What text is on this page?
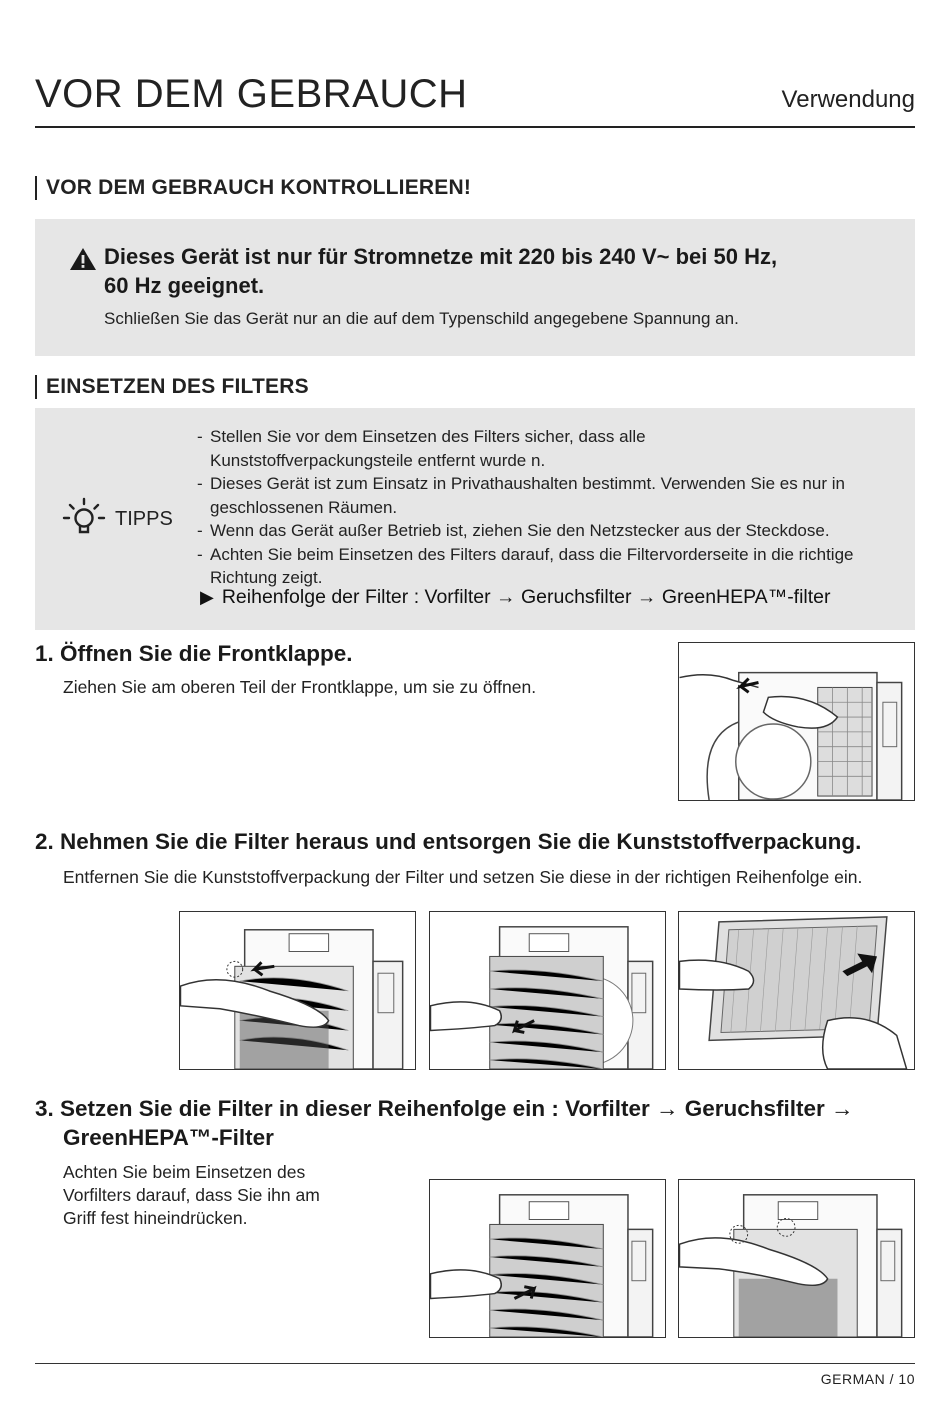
VOR DEM GEBRAUCH	Verwendung
VOR DEM GEBRAUCH KONTROLLIEREN!
Dieses Gerät ist nur für Stromnetze mit 220 bis 240 V~ bei 50 Hz,
60 Hz geeignet.
Schließen Sie das Gerät nur an die auf dem Typenschild angegebene Spannung an.
EINSETZEN DES FILTERS
TIPPS
- Stellen Sie vor dem Einsetzen des Filters sicher, dass alle Kunststoffverpackungsteile entfernt wurde n.
- Dieses Gerät ist zum Einsatz in Privathaushalten bestimmt. Verwenden Sie es nur in geschlossenen Räumen.
- Wenn das Gerät außer Betrieb ist, ziehen Sie den Netzstecker aus der Steckdose.
- Achten Sie beim Einsetzen des Filters darauf, dass die Filtervorderseite in die richtige Richtung zeigt.
▶ Reihenfolge der Filter : Vorfilter → Geruchsfilter → GreenHEPA™-filter
1. Öffnen Sie die Frontklappe.
Ziehen Sie am oberen Teil der Frontklappe, um sie zu öffnen.
2. Nehmen Sie die Filter heraus und entsorgen Sie die Kunststoffverpackung.
Entfernen Sie die Kunststoffverpackung der Filter und setzen Sie diese in der richtigen Reihenfolge ein.
3. Setzen Sie die Filter in dieser Reihenfolge ein : Vorfilter → Geruchsfilter →
GreenHEPA™-Filter
Achten Sie beim Einsetzen des
Vorfilters darauf, dass Sie ihn am
Griff fest hineindrücken.
GERMAN / 10
